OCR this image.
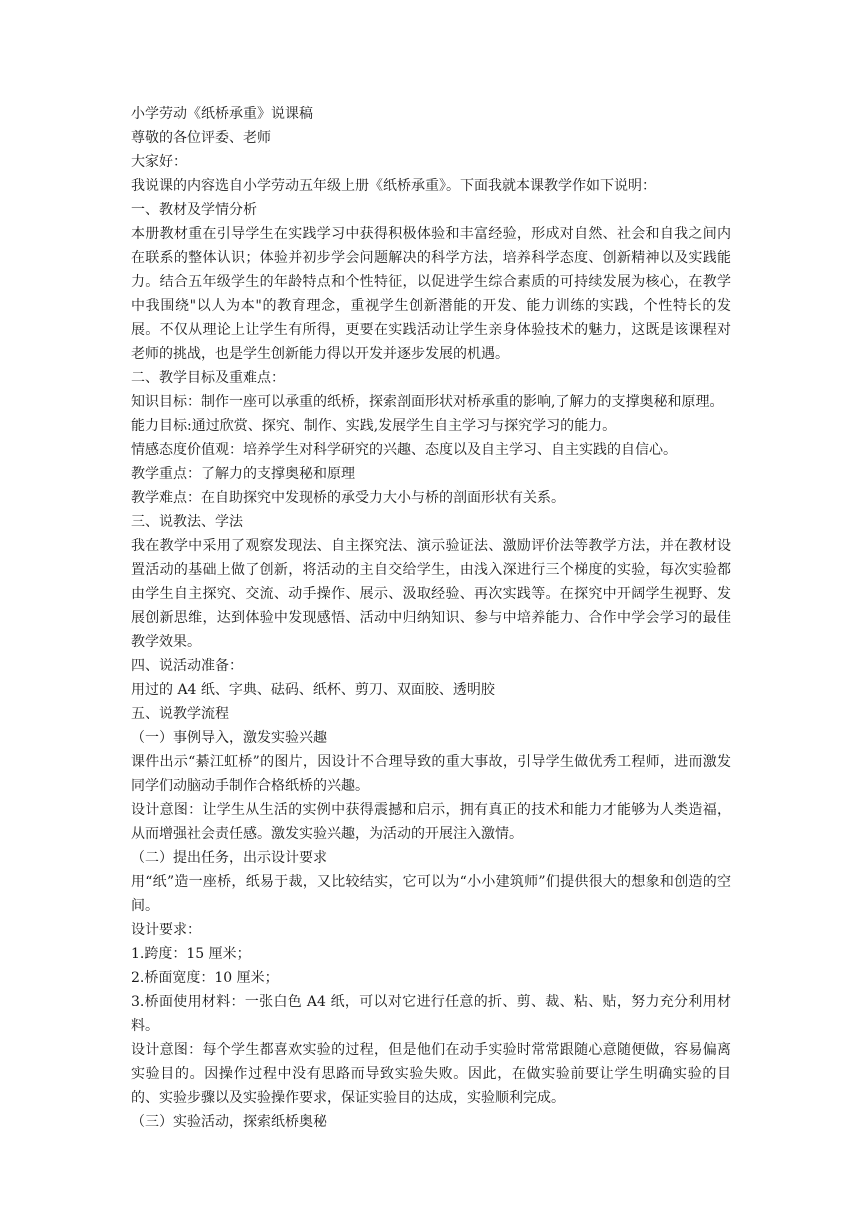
小学劳动《纸桥承重》说课稿

尊敬的各位评委、老师

大家好：

我说课的内容选自小学劳动五年级上册《纸桥承重》。下面我就本课教学作如下说明：

一、教材及学情分析

本册教材重在引导学生在实践学习中获得积极体验和丰富经验，形成对自然、社会和自我之间内在联系的整体认识；体验并初步学会问题解决的科学方法，培养科学态度、创新精神以及实践能力。结合五年级学生的年龄特点和个性特征，以促进学生综合素质的可持续发展为核心，在教学中我围绕"以人为本"的教育理念，重视学生创新潜能的开发、能力训练的实践，个性特长的发展。不仅从理论上让学生有所得，更要在实践活动让学生亲身体验技术的魅力，这既是该课程对老师的挑战，也是学生创新能力得以开发并逐步发展的机遇。

二、教学目标及重难点：

知识目标：制作一座可以承重的纸桥，探索剖面形状对桥承重的影响,了解力的支撑奥秘和原理。

能力目标:通过欣赏、探究、制作、实践,发展学生自主学习与探究学习的能力。

情感态度价值观：培养学生对科学研究的兴趣、态度以及自主学习、自主实践的自信心。

教学重点：了解力的支撑奥秘和原理

教学难点：在自助探究中发现桥的承受力大小与桥的剖面形状有关系。

三、说教法、学法

我在教学中采用了观察发现法、自主探究法、演示验证法、激励评价法等教学方法，并在教材设置活动的基础上做了创新，将活动的主自交给学生，由浅入深进行三个梯度的实验，每次实验都由学生自主探究、交流、动手操作、展示、汲取经验、再次实践等。在探究中开阔学生视野、发展创新思维，达到体验中发现感悟、活动中归纳知识、参与中培养能力、合作中学会学习的最佳教学效果。

四、说活动准备：

用过的 A4 纸、字典、砝码、纸杯、剪刀、双面胶、透明胶

五、说教学流程

（一）事例导入，激发实验兴趣

课件出示“綦江虹桥”的图片，因设计不合理导致的重大事故，引导学生做优秀工程师，进而激发同学们动脑动手制作合格纸桥的兴趣。

设计意图：让学生从生活的实例中获得震撼和启示，拥有真正的技术和能力才能够为人类造福，从而增强社会责任感。激发实验兴趣，为活动的开展注入激情。

（二）提出任务，出示设计要求

用“纸”造一座桥，纸易于裁，又比较结实，它可以为“小小建筑师”们提供很大的想象和创造的空间。

设计要求：

1.跨度：15 厘米；

2.桥面宽度：10 厘米；

3.桥面使用材料：一张白色 A4 纸，可以对它进行任意的折、剪、裁、粘、贴，努力充分利用材料。

设计意图：每个学生都喜欢实验的过程，但是他们在动手实验时常常跟随心意随便做，容易偏离实验目的。因操作过程中没有思路而导致实验失败。因此，在做实验前要让学生明确实验的目的、实验步骤以及实验操作要求，保证实验目的达成，实验顺利完成。

（三）实验活动，探索纸桥奥秘
